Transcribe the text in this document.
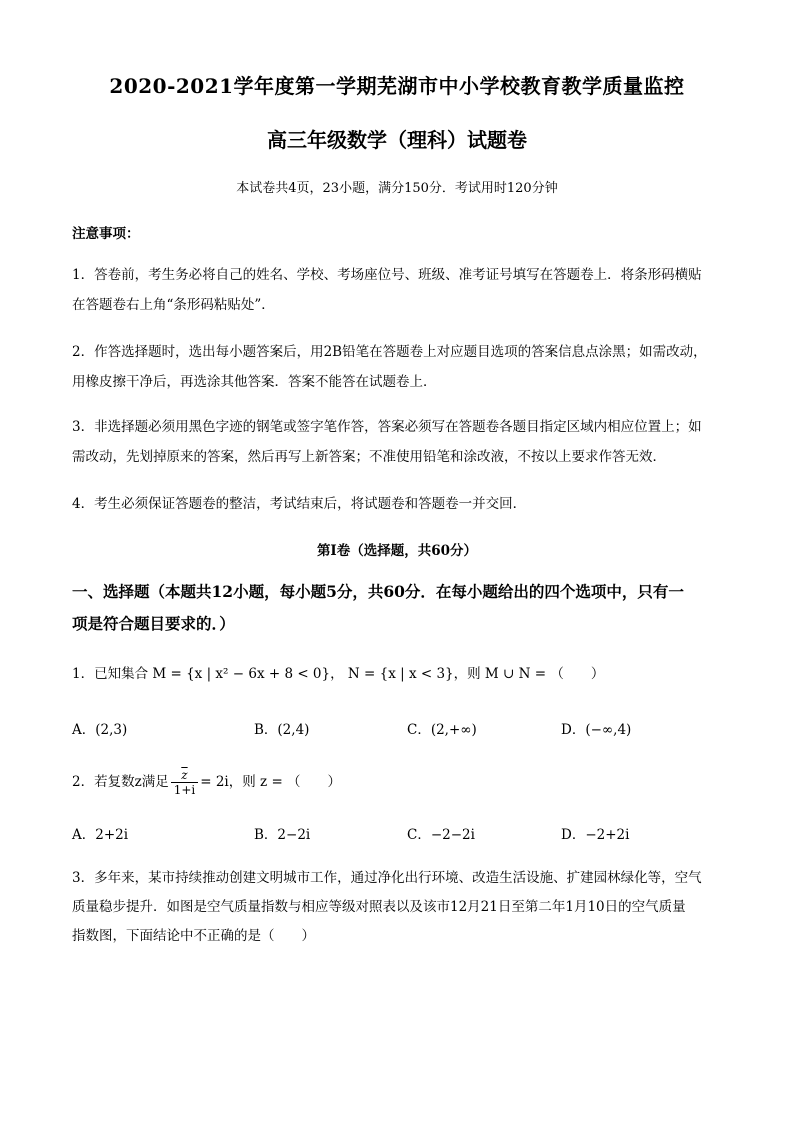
2020-2021学年度第一学期芜湖市中小学校教育教学质量监控
高三年级数学（理科）试题卷
本试卷共4页，23小题，满分150分．考试用时120分钟
注意事项：
1．答卷前，考生务必将自己的姓名、学校、考场座位号、班级、准考证号填写在答题卷上．将条形码横贴
在答题卷右上角“条形码粘贴处”．
2．作答选择题时，选出每小题答案后，用2B铅笔在答题卷上对应题目选项的答案信息点涂黑；如需改动，
用橡皮擦干净后，再选涂其他答案．答案不能答在试题卷上．
3．非选择题必须用黑色字迹的钢笔或签字笔作答，答案必须写在答题卷各题目指定区域内相应位置上；如
需改动，先划掉原来的答案，然后再写上新答案；不准使用铅笔和涂改液，不按以上要求作答无效．
4．考生必须保证答题卷的整洁，考试结束后，将试题卷和答题卷一并交回．
第Ⅰ卷（选择题，共60分）
一、选择题（本题共12小题，每小题5分，共60分．在每小题给出的四个选项中，只有一
项是符合题目要求的．）
1．已知集合 M = {x | x² − 6x + 8 < 0}， N = {x | x < 3}，则 M ∪ N = （　　）
A．(2,3)	B．(2,4)	C．(2,+∞)	D．(−∞,4)
2．若复数z满足 $\frac{\overline{z}}{1+i} = 2i$，则 z = （　　）
A．2+2i	B．2−2i	C．−2−2i	D．−2+2i
3．多年来，某市持续推动创建文明城市工作，通过净化出行环境、改造生活设施、扩建园林绿化等，空气
质量稳步提升．如图是空气质量指数与相应等级对照表以及该市12月21日至第二年1月10日的空气质量
指数图，下面结论中不正确的是（　　）
